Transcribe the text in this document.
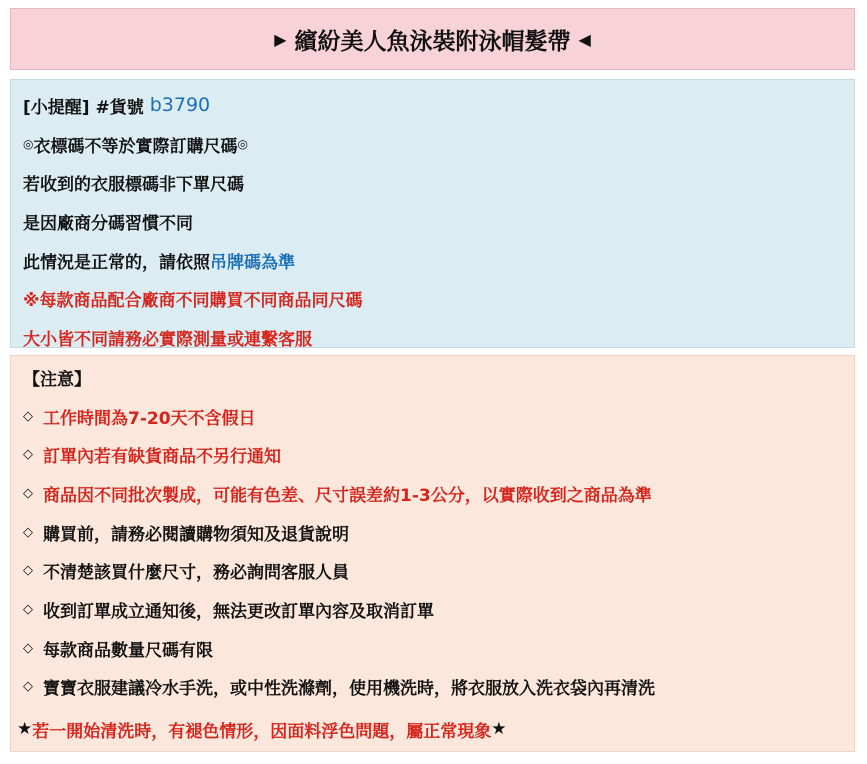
▶ 繽紛美人魚泳裝附泳帽髮帶 ◀
[小提醒] #貨號 b3790
◎ 衣標碼不等於實際訂購尺碼 ◎
若收到的衣服標碼非下單尺碼
是因廠商分碼習慣不同
此情況是正常的，請依照 吊牌碼為準
※每款商品配合廠商不同購買不同商品同尺碼
大小皆不同請務必實際測量或連繫客服
【注意】
◇ 工作時間為7-20天不含假日
◇ 訂單內若有缺貨商品不另行通知
◇ 商品因不同批次製成，可能有色差、尺寸誤差約1-3公分，以實際收到之商品為準
◇ 購買前，請務必閱讀購物須知及退貨說明
◇ 不清楚該買什麼尺寸，務必詢問客服人員
◇ 收到訂單成立通知後，無法更改訂單內容及取消訂單
◇ 每款商品數量尺碼有限
◇ 寶寶衣服建議冷水手洗，或中性洗滌劑，使用機洗時，將衣服放入洗衣袋內再清洗
★ 若一開始清洗時，有褪色情形，因面料浮色問題，屬正常現象 ★
